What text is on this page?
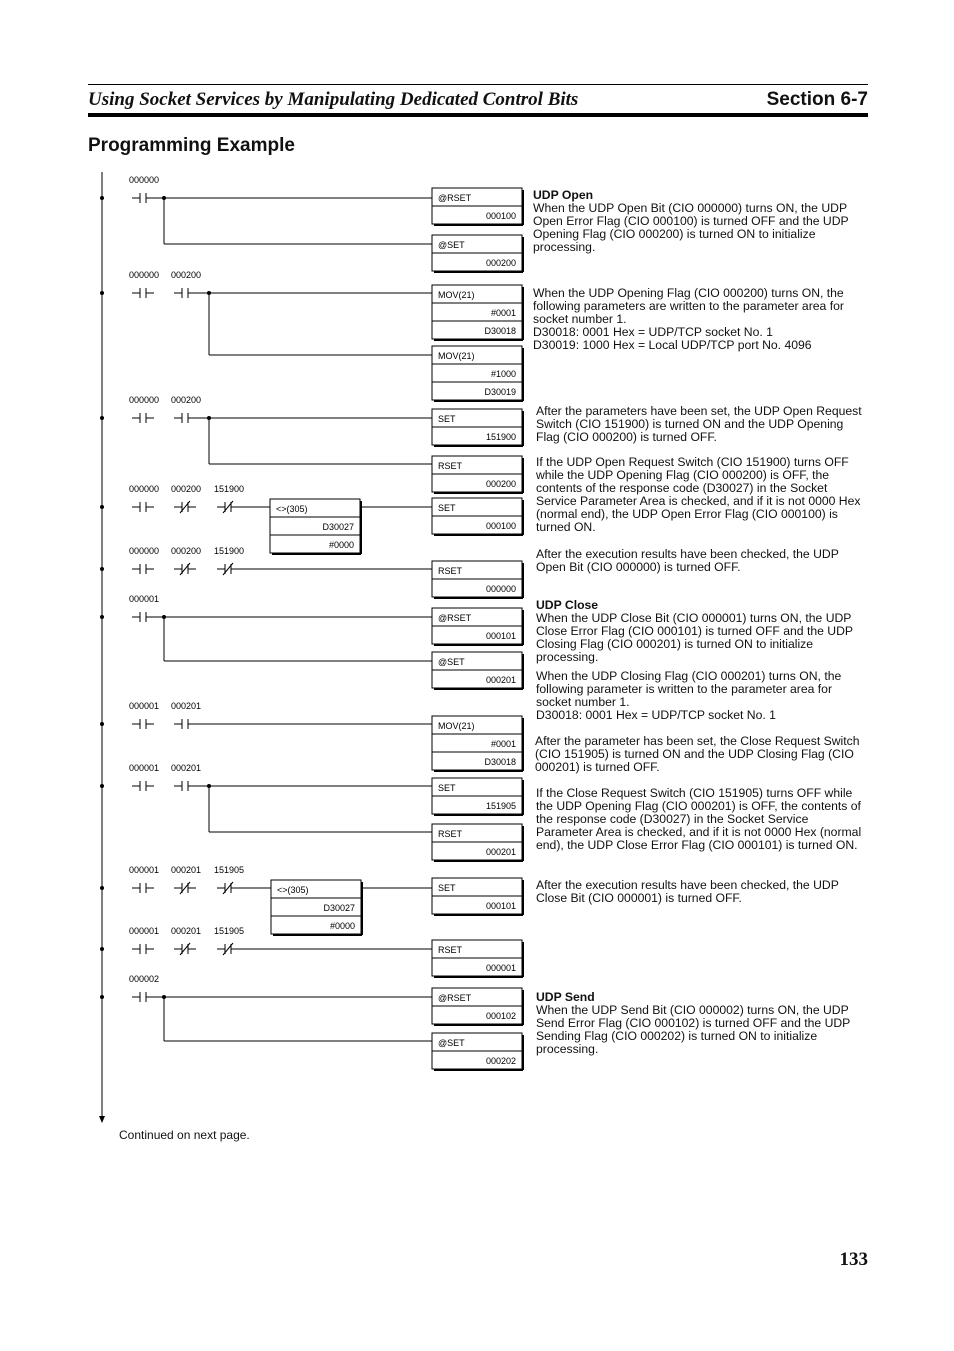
Using Socket Services by Manipulating Dedicated Control Bits	Section 6-7
Programming Example
000000
@RSET
000100
@SET
000200
000000 000200
MOV(21)
#0001
D30018
MOV(21)
#1000
D30019
000000 000200
SET
151900
RSET
000200
000000 000200 151900
<>(305)
D30027
#0000
SET
000100
000000 000200 151900
RSET
000000
000001
@RSET
000101
@SET
000201
000001 000201
MOV(21)
#0001
D30018
000001 000201
SET
151905
RSET
000201
000001 000201 151905
<>(305)
D30027
#0000
SET
000101
000001 000201 151905
RSET
000001
000002
@RSET
000102
@SET
000202
UDP Open
When the UDP Open Bit (CIO 000000) turns ON, the UDP Open Error Flag (CIO 000100) is turned OFF and the UDP Opening Flag (CIO 000200) is turned ON to initialize processing.
When the UDP Opening Flag (CIO 000200) turns ON, the following parameters are written to the parameter area for socket number 1.
D30018: 0001 Hex = UDP/TCP socket No. 1
D30019: 1000 Hex = Local UDP/TCP port No. 4096
After the parameters have been set, the UDP Open Request Switch (CIO 151900) is turned ON and the UDP Opening Flag (CIO 000200) is turned OFF.
If the UDP Open Request Switch (CIO 151900) turns OFF while the UDP Opening Flag (CIO 000200) is OFF, the contents of the response code (D30027) in the Socket Service Parameter Area is checked, and if it is not 0000 Hex (normal end), the UDP Open Error Flag (CIO 000100) is turned ON.
After the execution results have been checked, the UDP Open Bit (CIO 000000) is turned OFF.
UDP Close
When the UDP Close Bit (CIO 000001) turns ON, the UDP Close Error Flag (CIO 000101) is turned OFF and the UDP Closing Flag (CIO 000201) is turned ON to initialize processing.
When the UDP Closing Flag (CIO 000201) turns ON, the following parameter is written to the parameter area for socket number 1.
D30018: 0001 Hex = UDP/TCP socket No. 1
After the parameter has been set, the Close Request Switch (CIO 151905) is turned ON and the UDP Closing Flag (CIO 000201) is turned OFF.
If the Close Request Switch (CIO 151905) turns OFF while the UDP Opening Flag (CIO 000201) is OFF, the contents of the response code (D30027) in the Socket Service Parameter Area is checked, and if it is not 0000 Hex (normal end), the UDP Close Error Flag (CIO 000101) is turned ON.
After the execution results have been checked, the UDP Close Bit (CIO 000001) is turned OFF.
UDP Send
When the UDP Send Bit (CIO 000002) turns ON, the UDP Send Error Flag (CIO 000102) is turned OFF and the UDP Sending Flag (CIO 000202) is turned ON to initialize processing.
Continued on next page.
133
